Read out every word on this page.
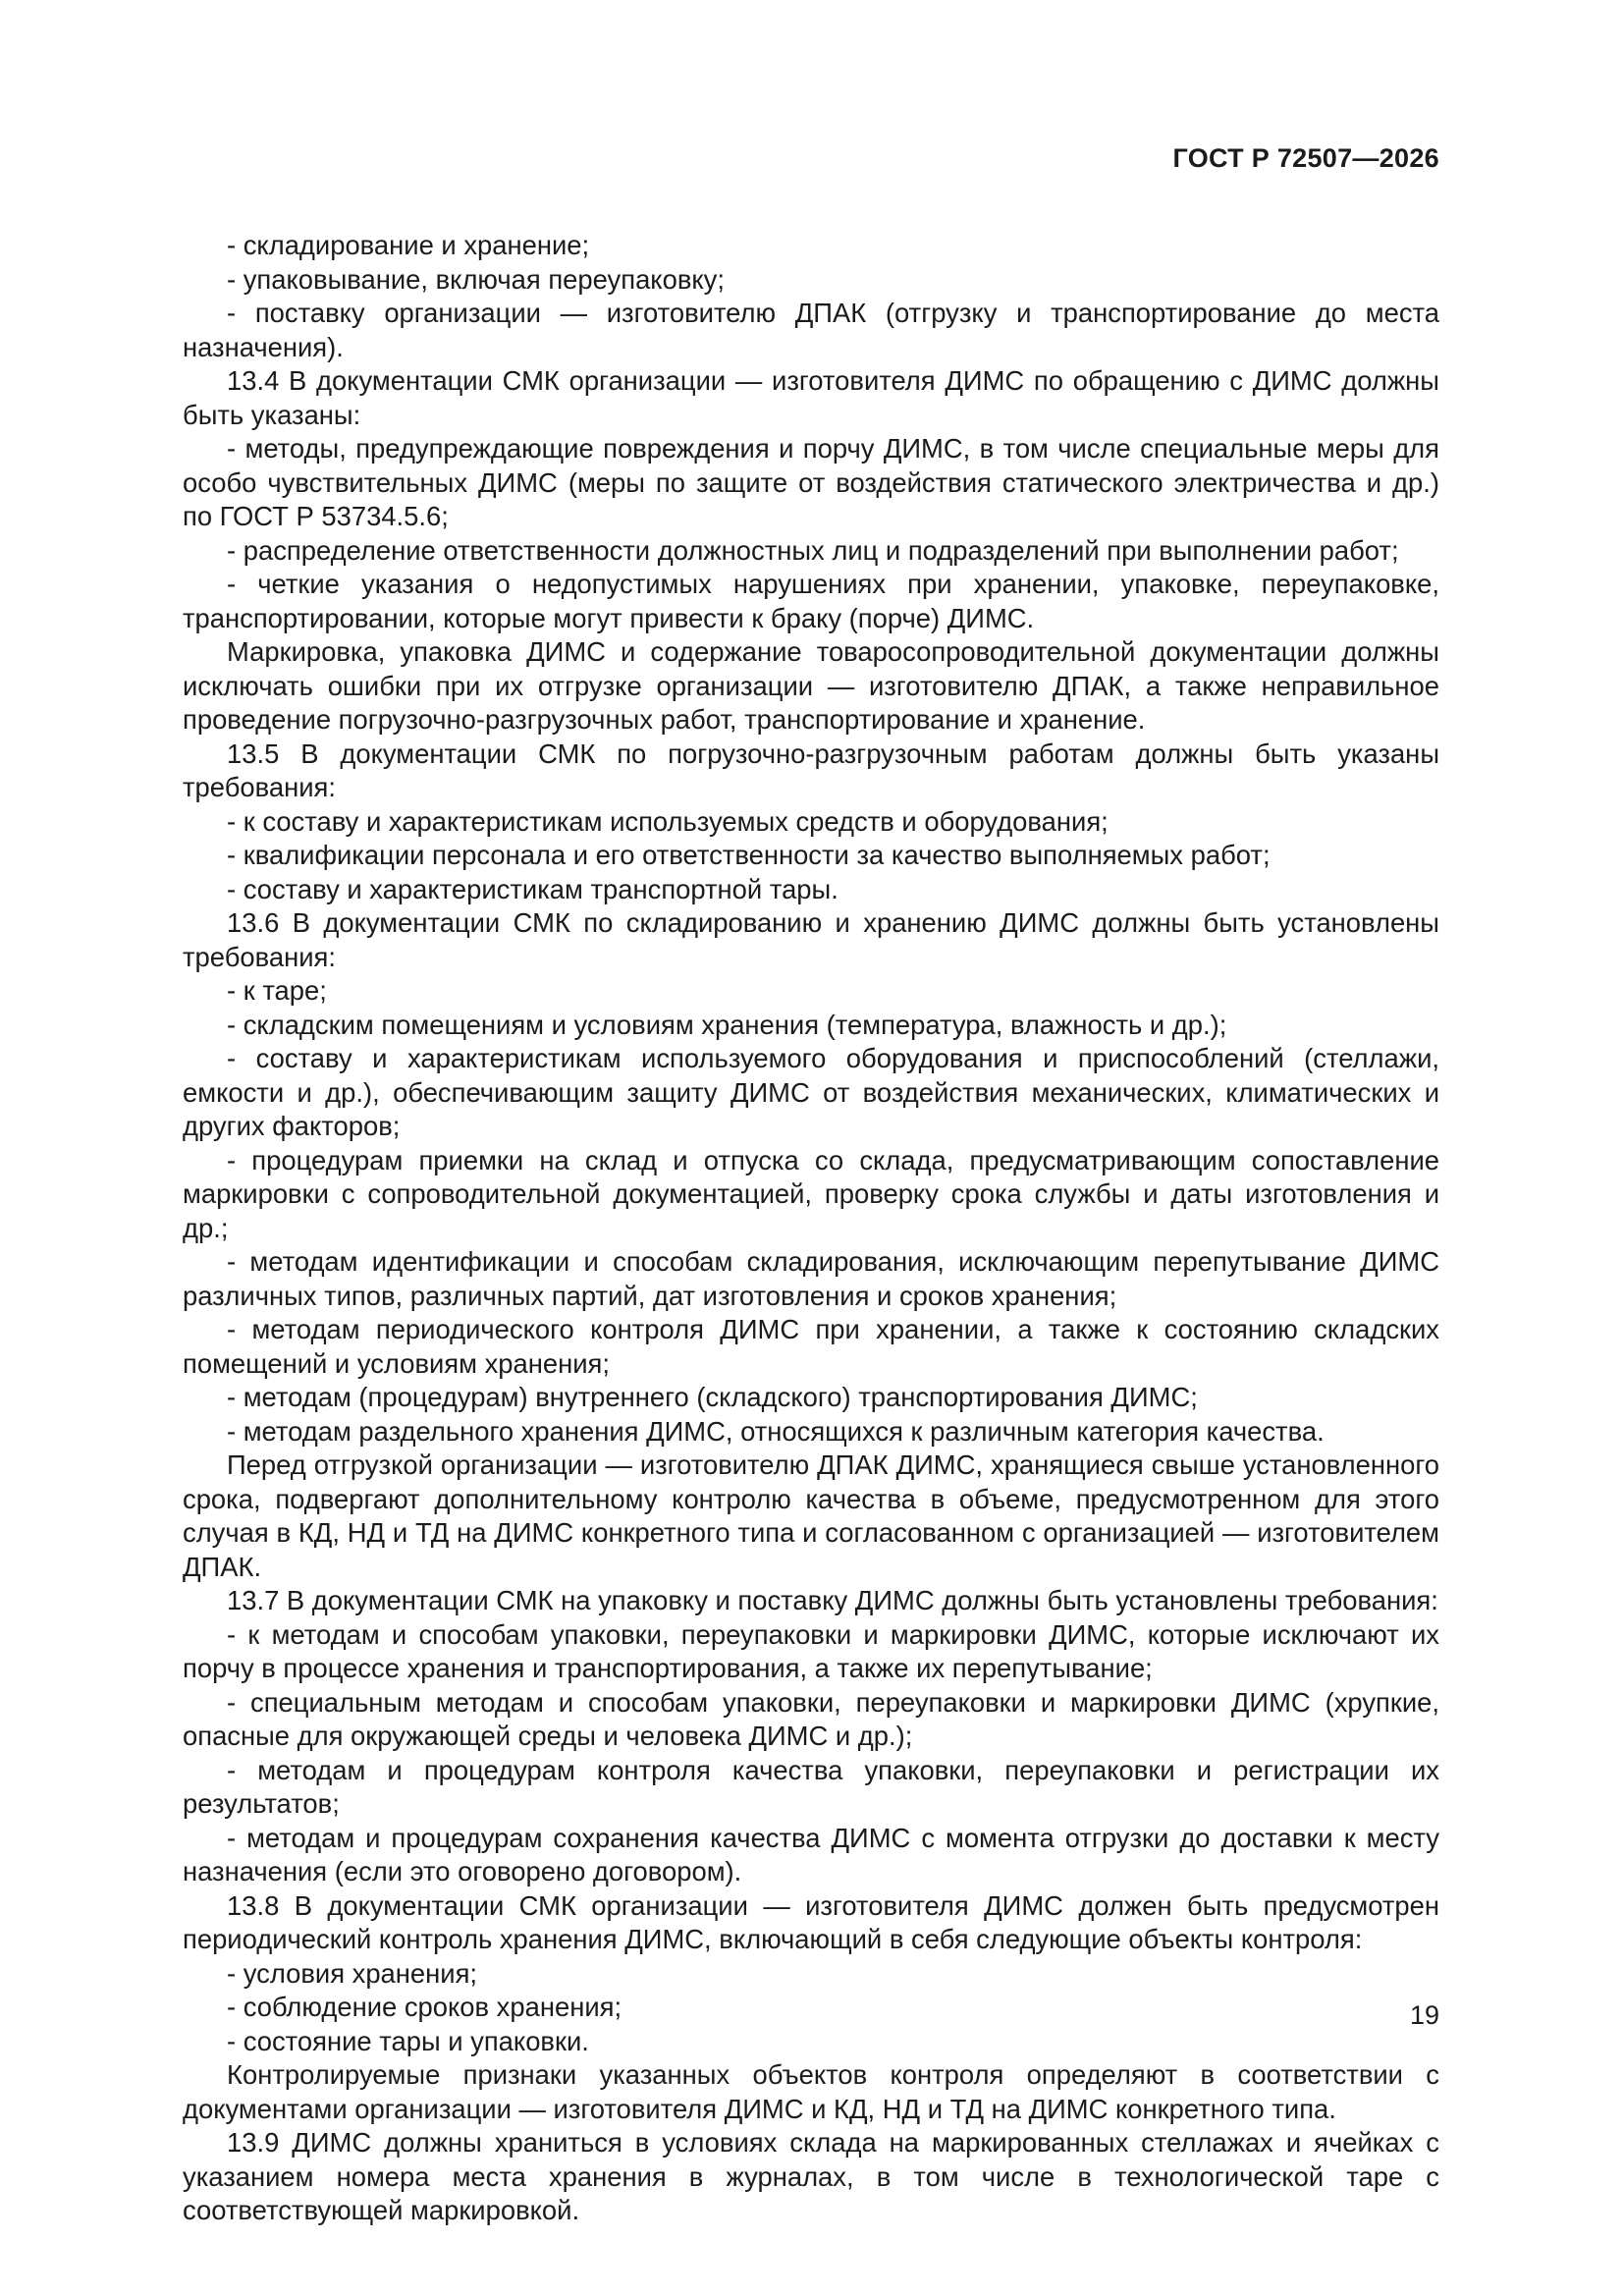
ГОСТ Р 72507—2026

- складирование и хранение;

- упаковывание, включая переупаковку;

- поставку организации — изготовителю ДПАК (отгрузку и транспортирование до места назначения).

13.4 В документации СМК организации — изготовителя ДИМС по обращению с ДИМС должны быть указаны:

- методы, предупреждающие повреждения и порчу ДИМС, в том числе специальные меры для особо чувствительных ДИМС (меры по защите от воздействия статического электричества и др.) по ГОСТ Р 53734.5.6;

- распределение ответственности должностных лиц и подразделений при выполнении работ;

- четкие указания о недопустимых нарушениях при хранении, упаковке, переупаковке, транспортировании, которые могут привести к браку (порче) ДИМС.

Маркировка, упаковка ДИМС и содержание товаросопроводительной документации должны исключать ошибки при их отгрузке организации — изготовителю ДПАК, а также неправильное проведение погрузочно-разгрузочных работ, транспортирование и хранение.

13.5 В документации СМК по погрузочно-разгрузочным работам должны быть указаны требования:

- к составу и характеристикам используемых средств и оборудования;

- квалификации персонала и его ответственности за качество выполняемых работ;

- составу и характеристикам транспортной тары.

13.6 В документации СМК по складированию и хранению ДИМС должны быть установлены требования:

- к таре;

- складским помещениям и условиям хранения (температура, влажность и др.);

- составу и характеристикам используемого оборудования и приспособлений (стеллажи, емкости и др.), обеспечивающим защиту ДИМС от воздействия механических, климатических и других факторов;

- процедурам приемки на склад и отпуска со склада, предусматривающим сопоставление маркировки с сопроводительной документацией, проверку срока службы и даты изготовления и др.;

- методам идентификации и способам складирования, исключающим перепутывание ДИМС различных типов, различных партий, дат изготовления и сроков хранения;

- методам периодического контроля ДИМС при хранении, а также к состоянию складских помещений и условиям хранения;

- методам (процедурам) внутреннего (складского) транспортирования ДИМС;

- методам раздельного хранения ДИМС, относящихся к различным категория качества.

Перед отгрузкой организации — изготовителю ДПАК ДИМС, хранящиеся свыше установленного срока, подвергают дополнительному контролю качества в объеме, предусмотренном для этого случая в КД, НД и ТД на ДИМС конкретного типа и согласованном с организацией — изготовителем ДПАК.

13.7 В документации СМК на упаковку и поставку ДИМС должны быть установлены требования:

- к методам и способам упаковки, переупаковки и маркировки ДИМС, которые исключают их порчу в процессе хранения и транспортирования, а также их перепутывание;

- специальным методам и способам упаковки, переупаковки и маркировки ДИМС (хрупкие, опасные для окружающей среды и человека ДИМС и др.);

- методам и процедурам контроля качества упаковки, переупаковки и регистрации их результатов;

- методам и процедурам сохранения качества ДИМС с момента отгрузки до доставки к месту назначения (если это оговорено договором).

13.8 В документации СМК организации — изготовителя ДИМС должен быть предусмотрен периодический контроль хранения ДИМС, включающий в себя следующие объекты контроля:

- условия хранения;

- соблюдение сроков хранения;

- состояние тары и упаковки.

Контролируемые признаки указанных объектов контроля определяют в соответствии с документами организации — изготовителя ДИМС и КД, НД и ТД на ДИМС конкретного типа.

13.9 ДИМС должны храниться в условиях склада на маркированных стеллажах и ячейках с указанием номера места хранения в журналах, в том числе в технологической таре с соответствующей маркировкой.

19
